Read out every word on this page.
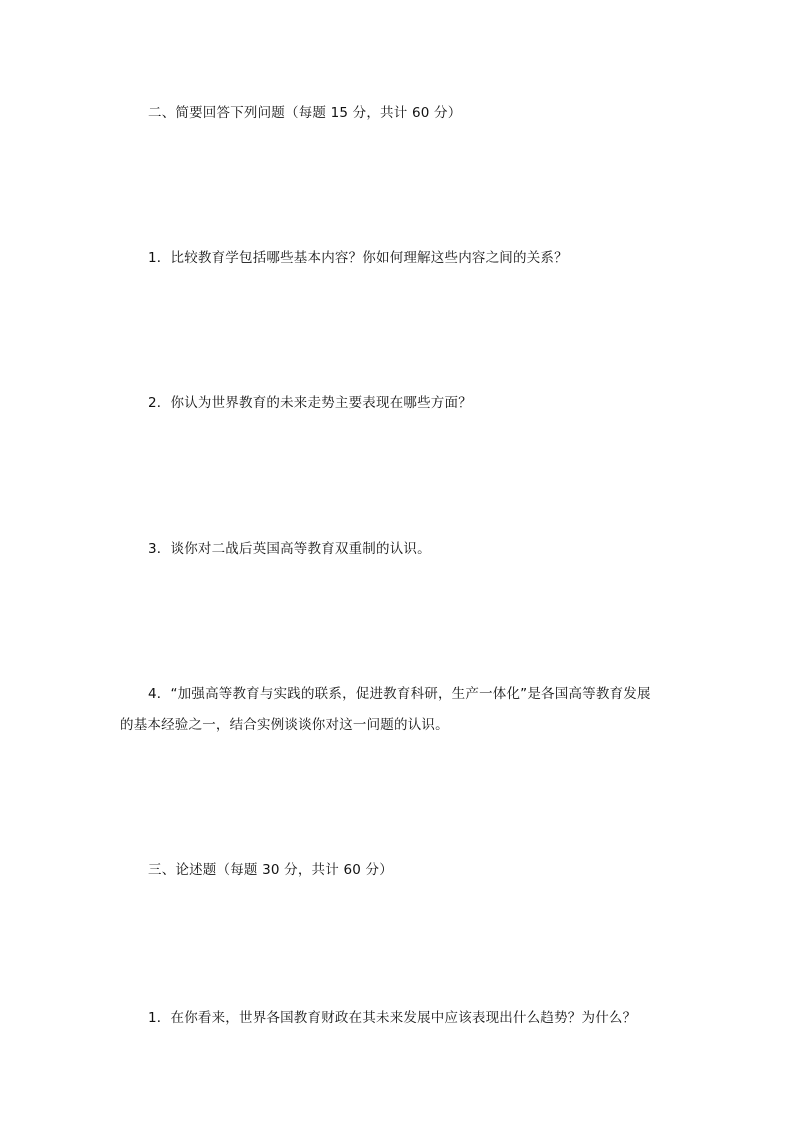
二、简要回答下列问题（每题 15 分，共计 60 分）
1．比较教育学包括哪些基本内容？你如何理解这些内容之间的关系？
2．你认为世界教育的未来走势主要表现在哪些方面？
3．谈你对二战后英国高等教育双重制的认识。
4．“加强高等教育与实践的联系，促进教育科研，生产一体化”是各国高等教育发展
的基本经验之一，结合实例谈谈你对这一问题的认识。
三、论述题（每题 30 分，共计 60 分）
1．在你看来，世界各国教育财政在其未来发展中应该表现出什么趋势？为什么？
